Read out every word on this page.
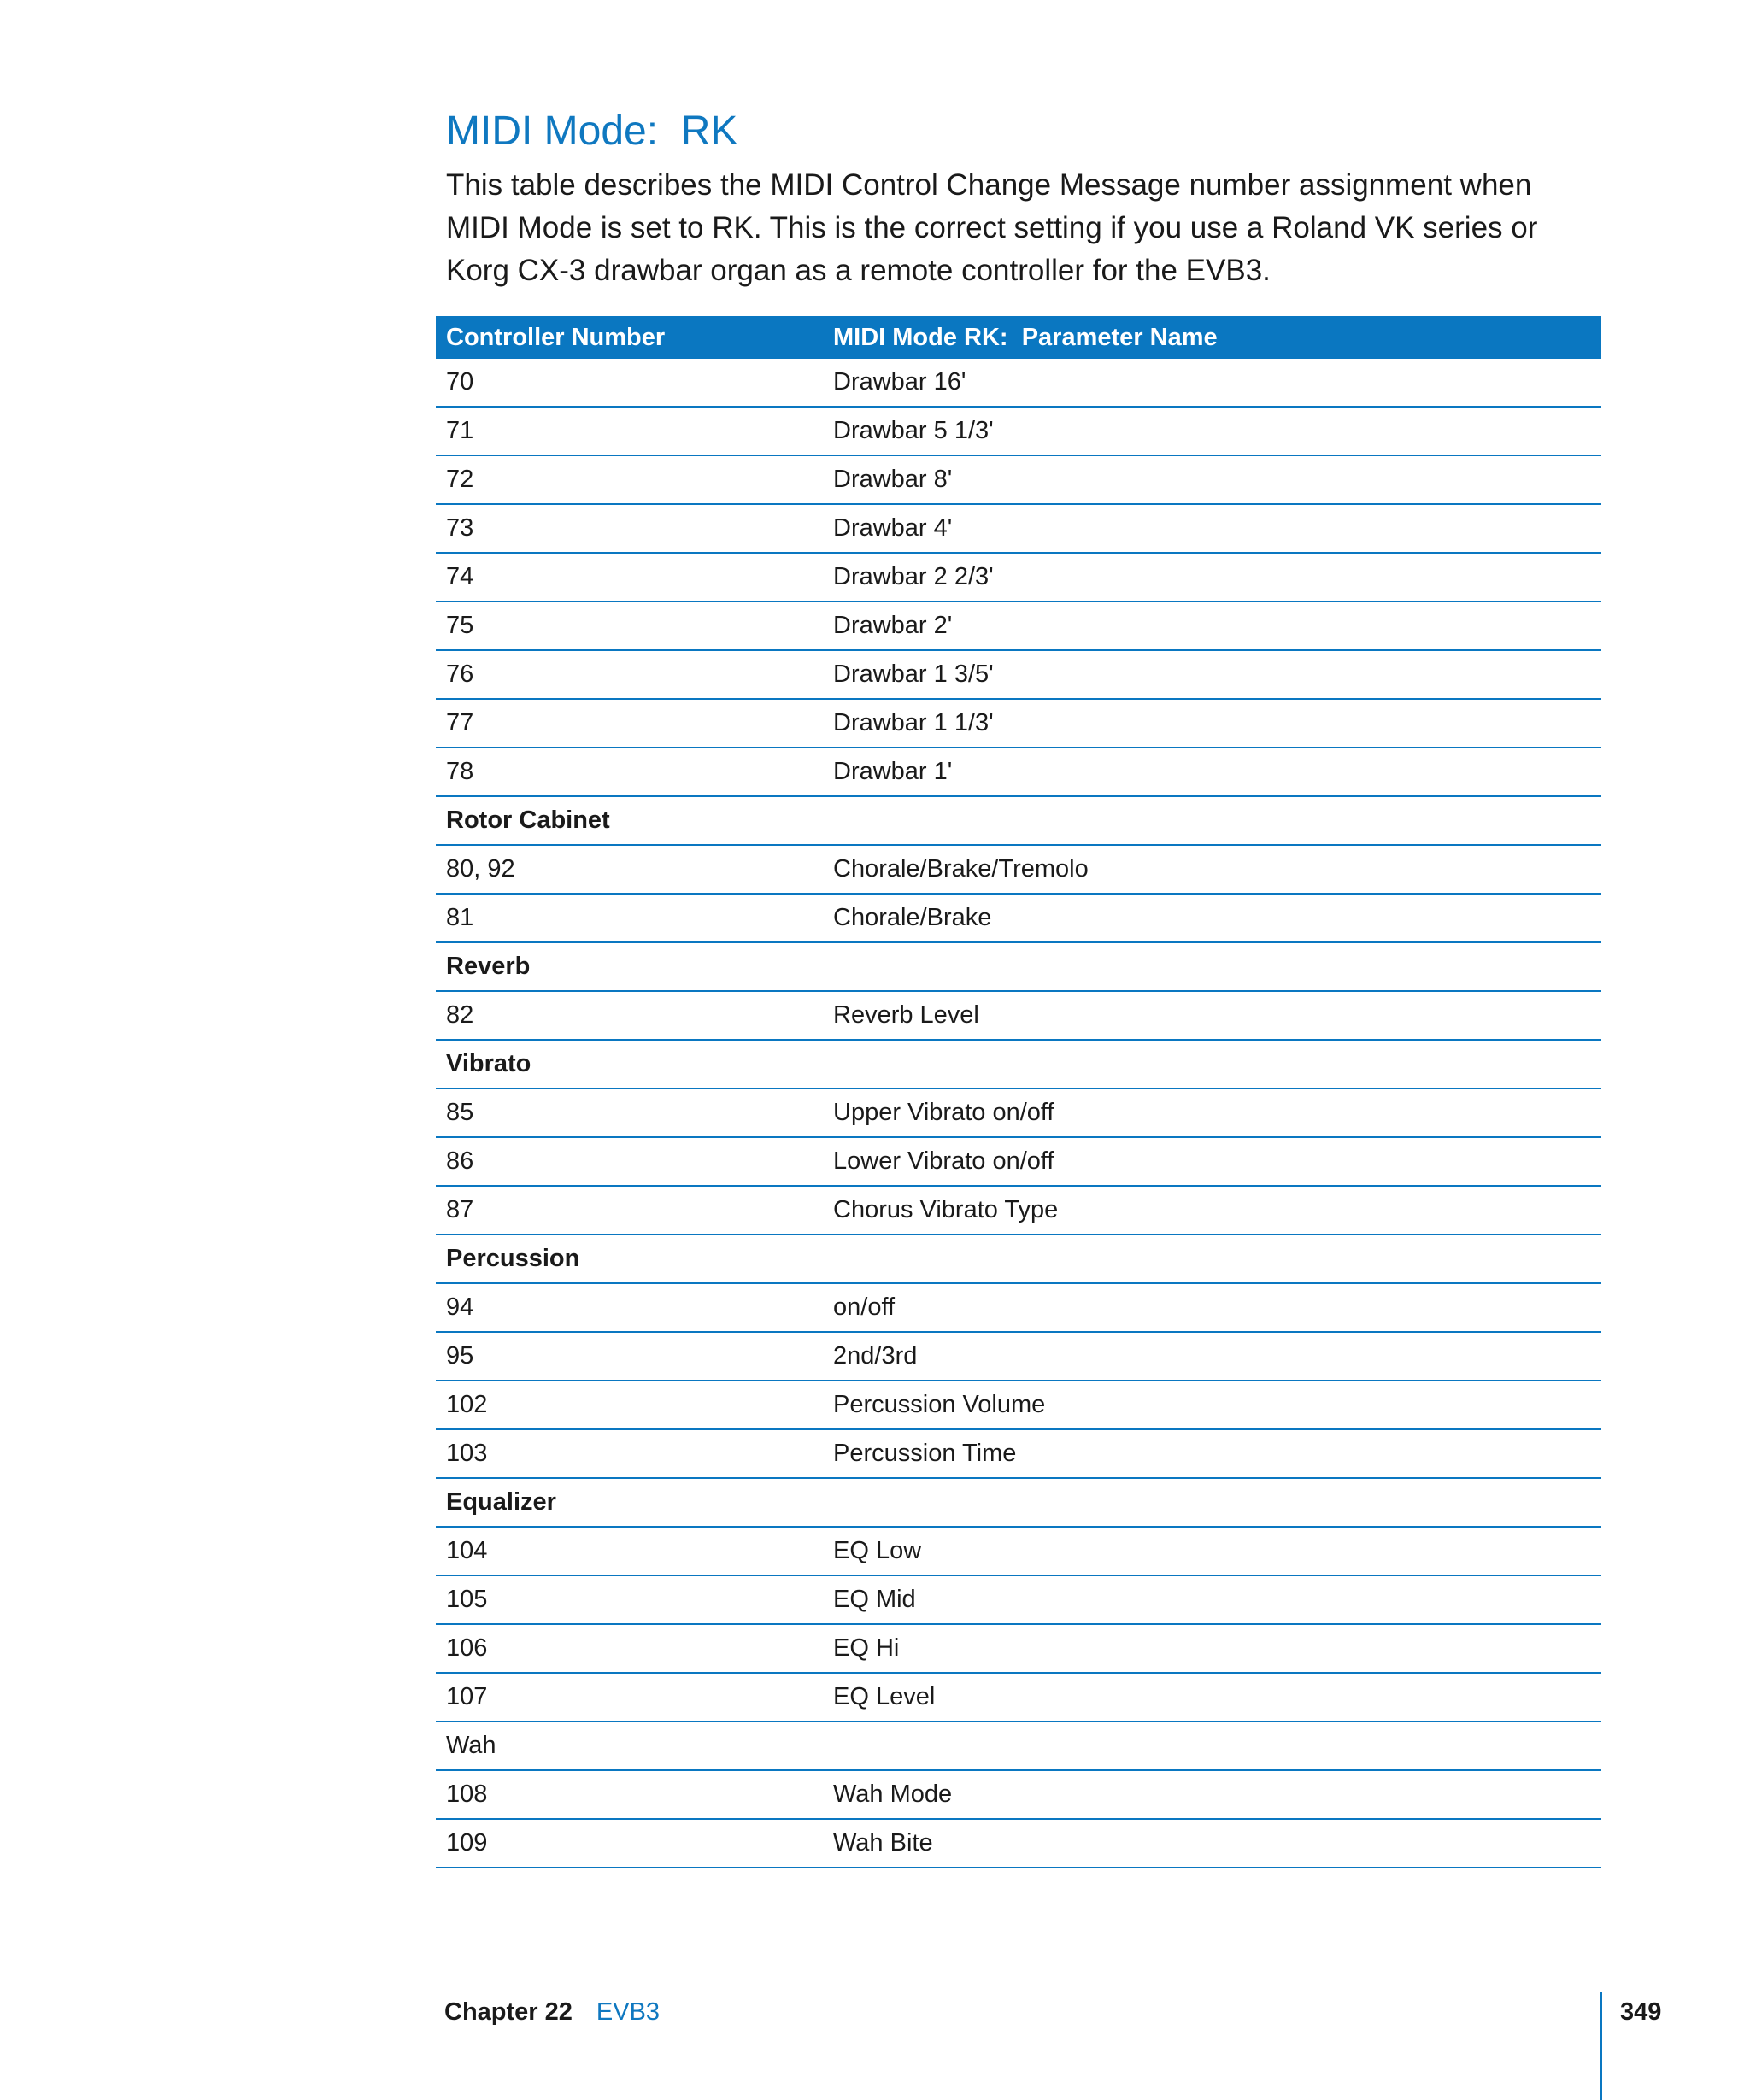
MIDI Mode:  RK

This table describes the MIDI Control Change Message number assignment when MIDI Mode is set to RK. This is the correct setting if you use a Roland VK series or Korg CX-3 drawbar organ as a remote controller for the EVB3.

Controller Number	MIDI Mode RK:  Parameter Name
70	Drawbar 16'
71	Drawbar 5 1/3'
72	Drawbar 8'
73	Drawbar 4'
74	Drawbar 2 2/3'
75	Drawbar 2'
76	Drawbar 1 3/5'
77	Drawbar 1 1/3'
78	Drawbar 1'
Rotor Cabinet	
80, 92	Chorale/Brake/Tremolo
81	Chorale/Brake
Reverb	
82	Reverb Level
Vibrato	
85	Upper Vibrato on/off
86	Lower Vibrato on/off
87	Chorus Vibrato Type
Percussion	
94	on/off
95	2nd/3rd
102	Percussion Volume
103	Percussion Time
Equalizer	
104	EQ Low
105	EQ Mid
106	EQ Hi
107	EQ Level
Wah	
108	Wah Mode
109	Wah Bite
Chapter 22 EVB3	349
